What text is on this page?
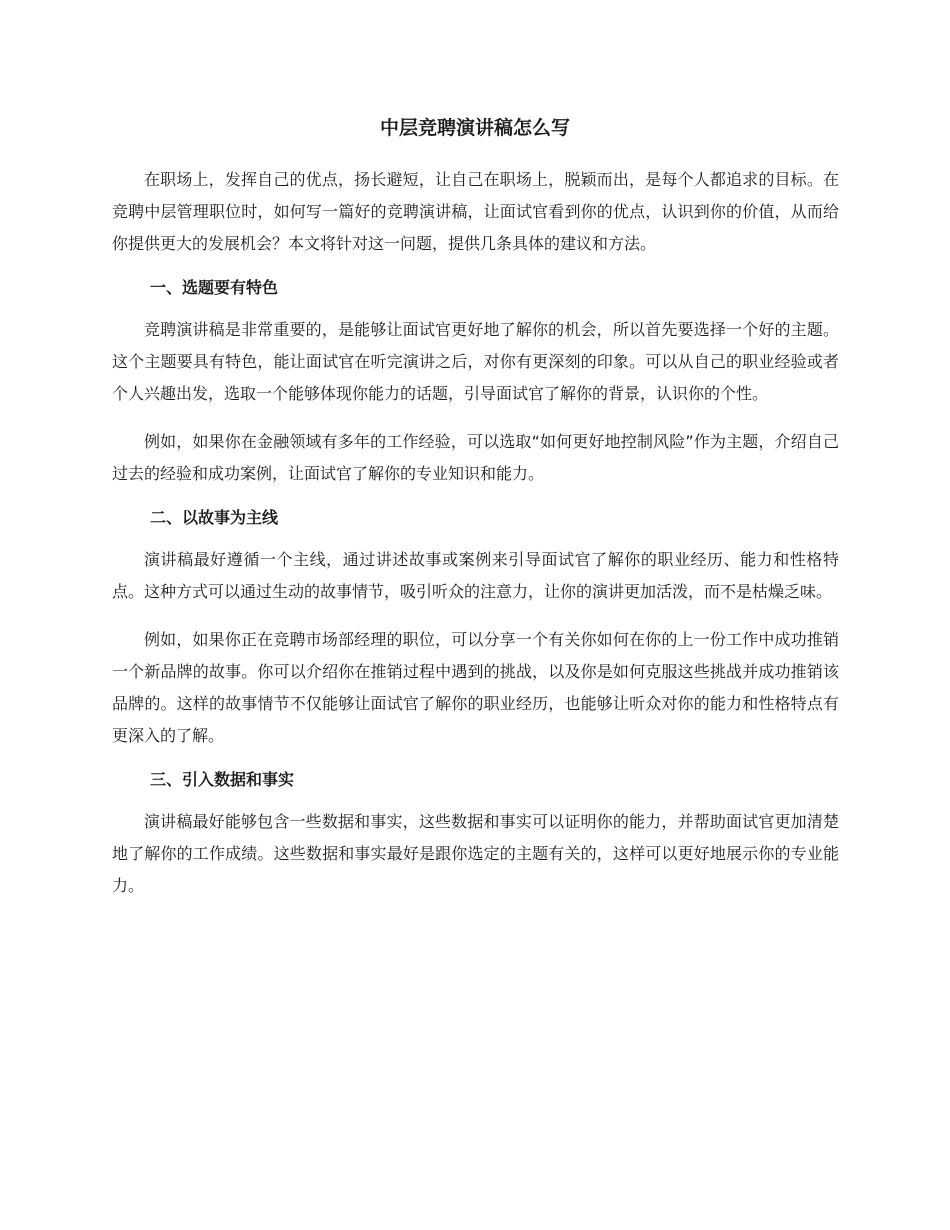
中层竞聘演讲稿怎么写

在职场上，发挥自己的优点，扬长避短，让自己在职场上，脱颖而出，是每个人都追求的目标。在竞聘中层管理职位时，如何写一篇好的竞聘演讲稿，让面试官看到你的优点，认识到你的价值，从而给你提供更大的发展机会？本文将针对这一问题，提供几条具体的建议和方法。

一、选题要有特色

竞聘演讲稿是非常重要的，是能够让面试官更好地了解你的机会，所以首先要选择一个好的主题。这个主题要具有特色，能让面试官在听完演讲之后，对你有更深刻的印象。可以从自己的职业经验或者个人兴趣出发，选取一个能够体现你能力的话题，引导面试官了解你的背景，认识你的个性。

例如，如果你在金融领域有多年的工作经验，可以选取“如何更好地控制风险”作为主题，介绍自己过去的经验和成功案例，让面试官了解你的专业知识和能力。

二、以故事为主线

演讲稿最好遵循一个主线，通过讲述故事或案例来引导面试官了解你的职业经历、能力和性格特点。这种方式可以通过生动的故事情节，吸引听众的注意力，让你的演讲更加活泼，而不是枯燥乏味。

例如，如果你正在竞聘市场部经理的职位，可以分享一个有关你如何在你的上一份工作中成功推销一个新品牌的故事。你可以介绍你在推销过程中遇到的挑战，以及你是如何克服这些挑战并成功推销该品牌的。这样的故事情节不仅能够让面试官了解你的职业经历，也能够让听众对你的能力和性格特点有更深入的了解。

三、引入数据和事实

演讲稿最好能够包含一些数据和事实，这些数据和事实可以证明你的能力，并帮助面试官更加清楚地了解你的工作成绩。这些数据和事实最好是跟你选定的主题有关的，这样可以更好地展示你的专业能力。
